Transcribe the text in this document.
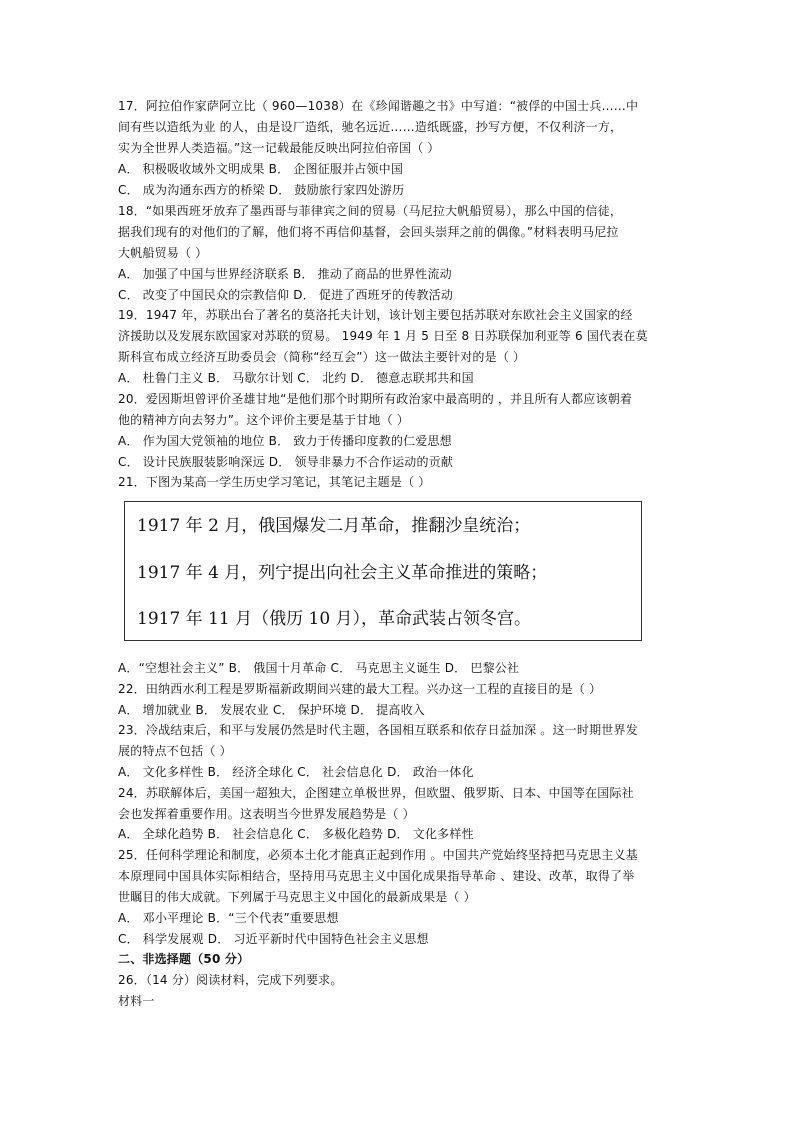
17．阿拉伯作家萨阿立比（ 960—1038）在《珍闻谐趣之书》中写道：“被俘的中国士兵……中
间有些以造纸为业 的人，由是设厂造纸，驰名远近……造纸既盛，抄写方便，不仅利济一方，
实为全世界人类造福。”这一记载最能反映出阿拉伯帝国（ ）
A． 积极吸收域外文明成果 B． 企图征服并占领中国
C． 成为沟通东西方的桥梁 D． 鼓励旅行家四处游历
18．“如果西班牙放弃了墨西哥与菲律宾之间的贸易（马尼拉大帆船贸易），那么中国的信徒，
据我们现有的对他们的了解，他们将不再信仰基督，会回头崇拜之前的偶像。”材料表明马尼拉
大帆船贸易（ ）
A． 加强了中国与世界经济联系 B． 推动了商品的世界性流动
C． 改变了中国民众的宗教信仰 D． 促进了西班牙的传教活动
19．1947 年，苏联出台了著名的莫洛托夫计划，该计划主要包括苏联对东欧社会主义国家的经
济援助以及发展东欧国家对苏联的贸易。 1949 年 1 月 5 日至 8 日苏联保加利亚等 6 国代表在莫
斯科宣布成立经济互助委员会（简称“经互会”）这一做法主要针对的是（ ）
A． 杜鲁门主义 B． 马歇尔计划 C． 北约 D． 德意志联邦共和国
20．爱因斯坦曾评价圣雄甘地“是他们那个时期所有政治家中最高明的 ，并且所有人都应该朝着
他的精神方向去努力”。这个评价主要是基于甘地（ ）
A． 作为国大党领袖的地位 B． 致力于传播印度教的仁爱思想
C． 设计民族服装影响深远 D． 领导非暴力不合作运动的贡献
21．下图为某高一学生历史学习笔记，其笔记主题是（ ）
1917 年 2 月，俄国爆发二月革命，推翻沙皇统治；
1917 年 4 月，列宁提出向社会主义革命推进的策略；
1917 年 11 月（俄历 10 月），革命武装占领冬宫。
A．“空想社会主义” B． 俄国十月革命 C． 马克思主义诞生 D． 巴黎公社
22．田纳西水利工程是罗斯福新政期间兴建的最大工程。兴办这一工程的直接目的是（ ）
A． 增加就业 B． 发展农业 C． 保护环境 D． 提高收入
23．冷战结束后，和平与发展仍然是时代主题，各国相互联系和依存日益加深 。这一时期世界发
展的特点不包括（ ）
A． 文化多样性 B． 经济全球化 C． 社会信息化 D． 政治一体化
24．苏联解体后，美国一超独大，企图建立单极世界，但欧盟、俄罗斯、日本、中国等在国际社
会也发挥着重要作用。这表明当今世界发展趋势是（ ）
A． 全球化趋势 B． 社会信息化 C． 多极化趋势 D． 文化多样性
25．任何科学理论和制度，必须本土化才能真正起到作用 。中国共产党始终坚持把马克思主义基
本原理同中国具体实际相结合，坚持用马克思主义中国化成果指导革命 、建设、改革，取得了举
世瞩目的伟大成就。下列属于马克思主义中国化的最新成果是（ ）
A． 邓小平理论 B．“三个代表”重要思想
C． 科学发展观 D． 习近平新时代中国特色社会主义思想
二、非选择题（50 分）
26．（14 分）阅读材料，完成下列要求。
材料一
